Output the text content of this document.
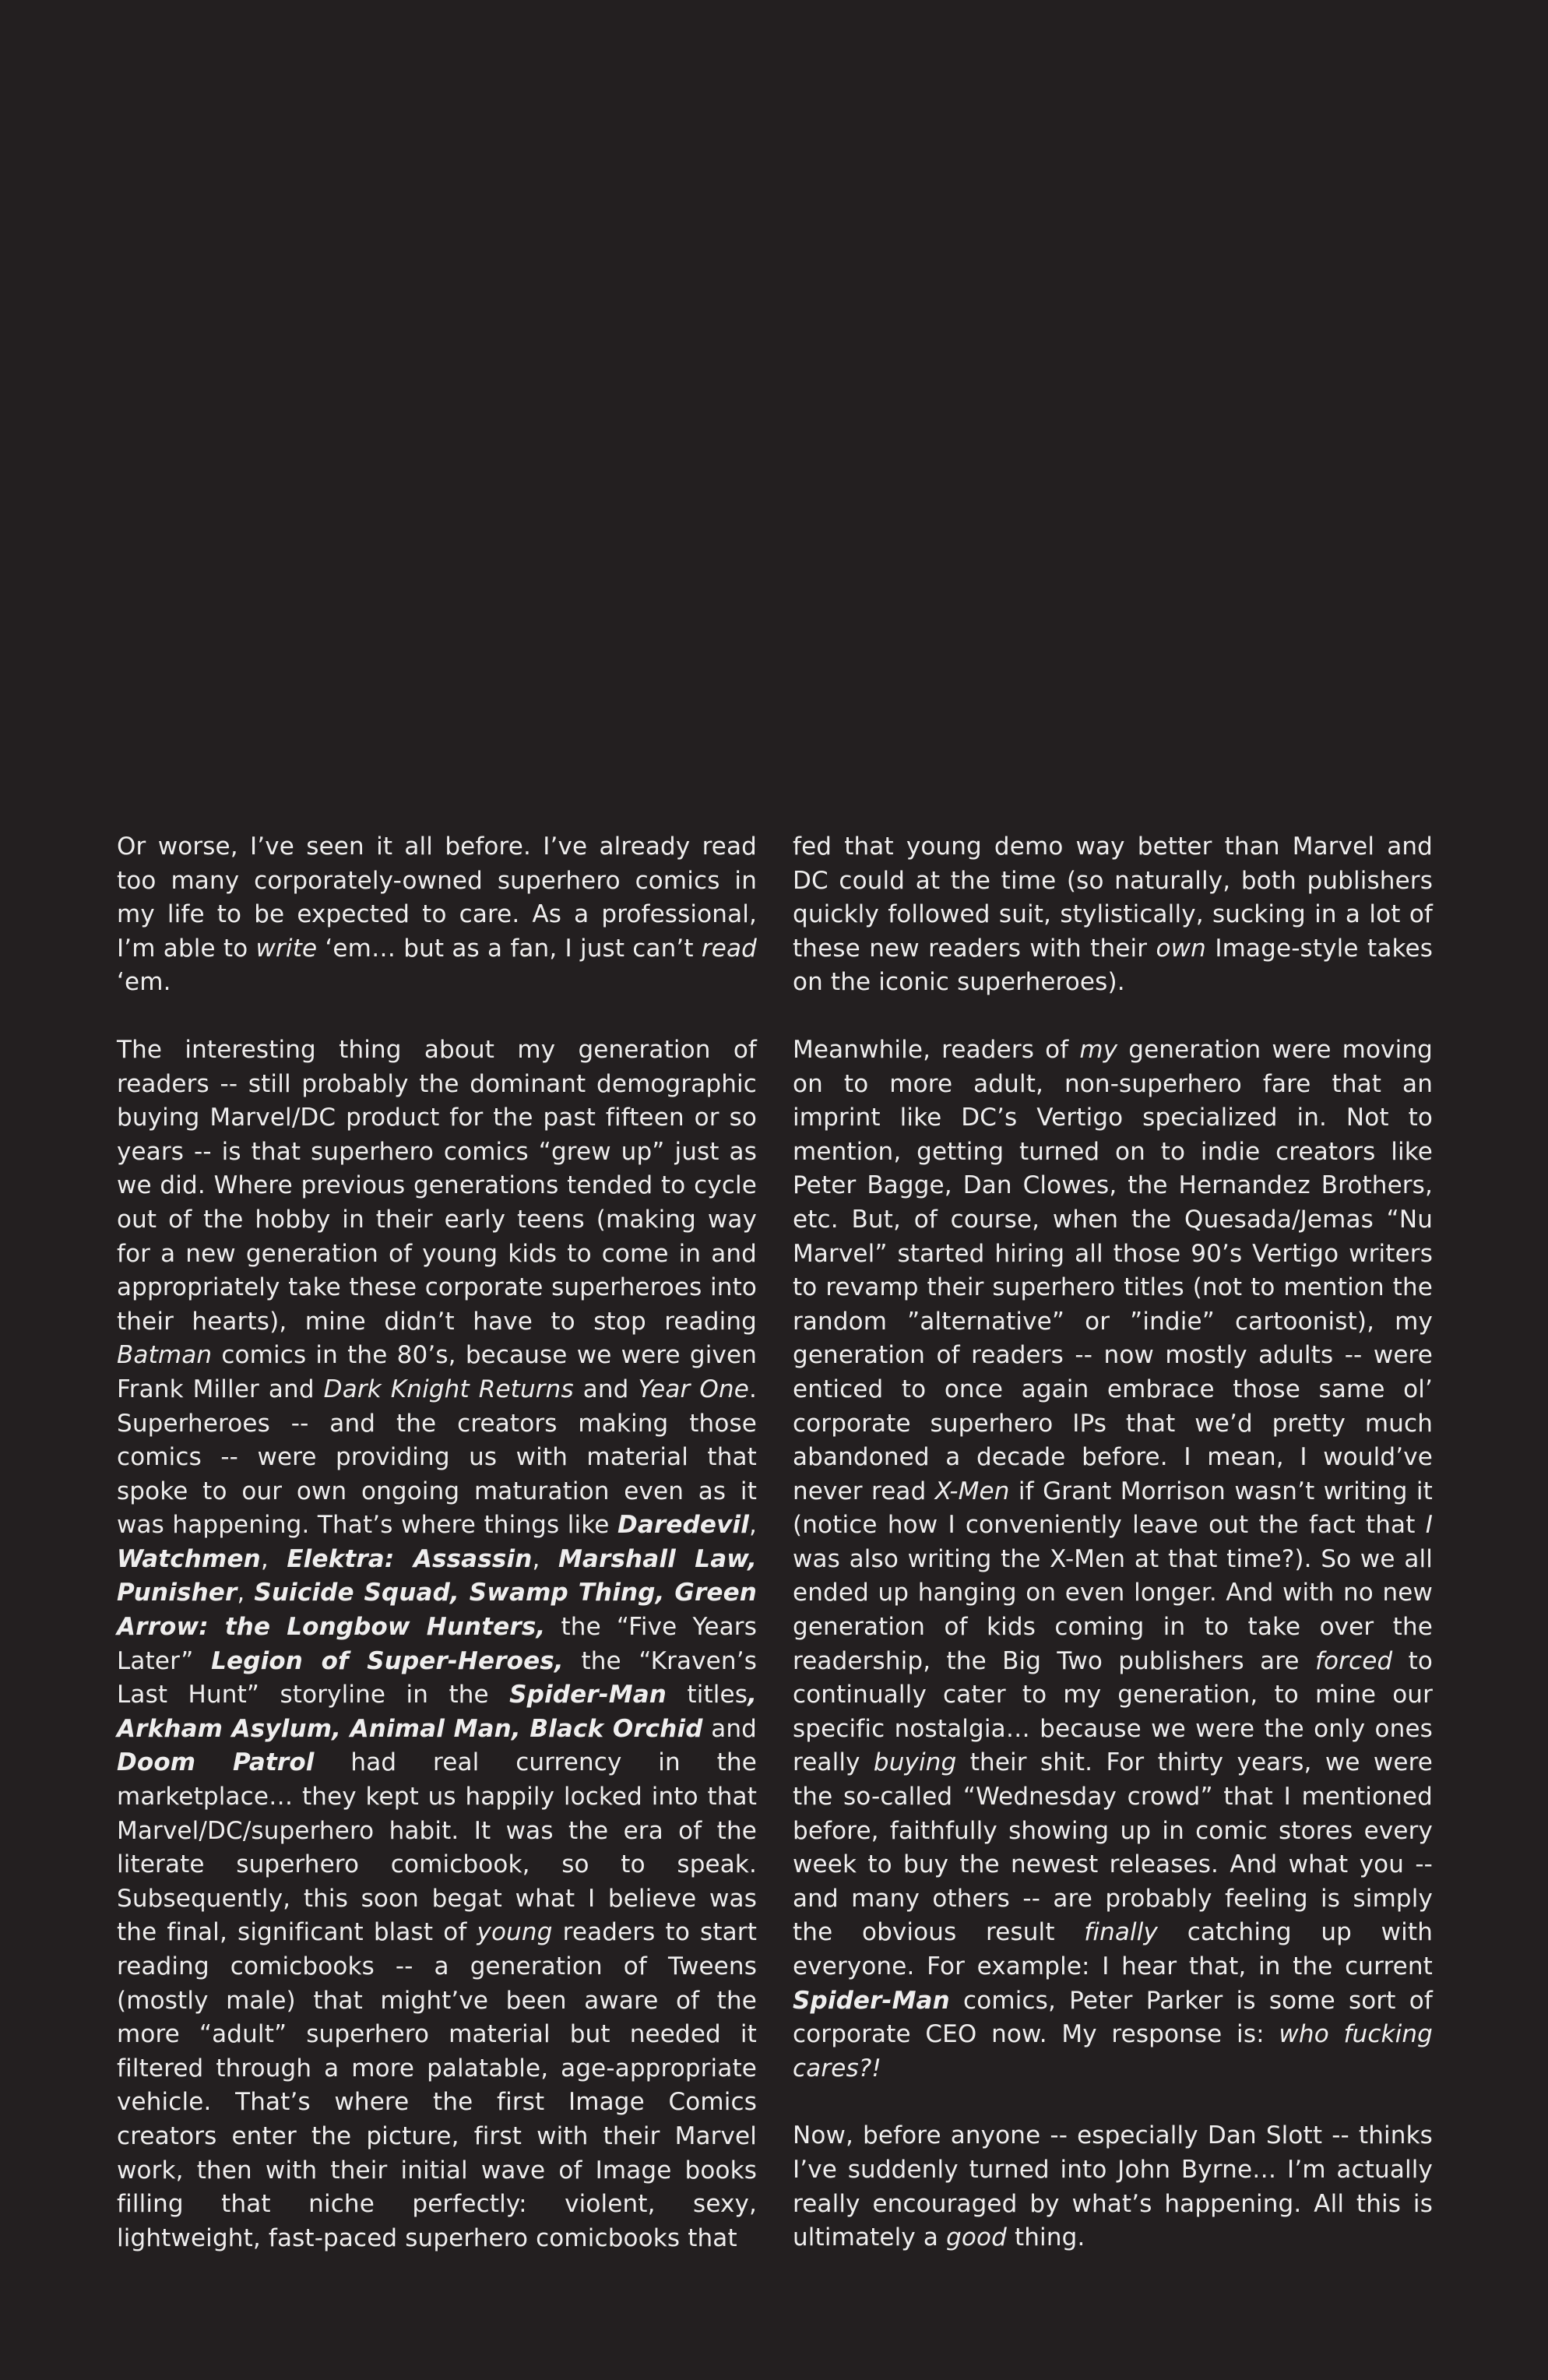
Or worse, I’ve seen it all before. I’ve already read too many corporately-owned superhero comics in my life to be expected to care. As a professional, I’m able to write ‘em… but as a fan, I just can’t read ‘em.

The interesting thing about my generation of readers -- still probably the dominant demographic buying Marvel/DC product for the past fifteen or so years -- is that superhero comics “grew up” just as we did. Where previous generations tended to cycle out of the hobby in their early teens (making way for a new generation of young kids to come in and appropriately take these corporate superheroes into their hearts), mine didn’t have to stop reading Batman comics in the 80’s, because we were given Frank Miller and Dark Knight Returns and Year One. Superheroes -- and the creators making those comics -- were providing us with material that spoke to our own ongoing maturation even as it was happening. That’s where things like Daredevil, Watchmen, Elektra: Assassin, Marshall Law, Punisher, Suicide Squad, Swamp Thing, Green Arrow: the Longbow Hunters, the “Five Years Later” Legion of Super-Heroes, the “Kraven’s Last Hunt” storyline in the Spider-Man titles, Arkham Asylum, Animal Man, Black Orchid and Doom Patrol had real currency in the marketplace… they kept us happily locked into that Marvel/DC/superhero habit. It was the era of the literate superhero comicbook, so to speak. Subsequently, this soon begat what I believe was the final, significant blast of young readers to start reading comicbooks -- a generation of Tweens (mostly male) that might’ve been aware of the more “adult” superhero material but needed it filtered through a more palatable, age-appropriate vehicle. That’s where the first Image Comics creators enter the picture, first with their Marvel work, then with their initial wave of Image books filling that niche perfectly: violent, sexy, lightweight, fast-paced superhero comicbooks that

fed that young demo way better than Marvel and DC could at the time (so naturally, both publishers quickly followed suit, stylistically, sucking in a lot of these new readers with their own Image-style takes on the iconic superheroes).

Meanwhile, readers of my generation were moving on to more adult, non-superhero fare that an imprint like DC’s Vertigo specialized in. Not to mention, getting turned on to indie creators like Peter Bagge, Dan Clowes, the Hernandez Brothers, etc. But, of course, when the Quesada/Jemas “Nu Marvel” started hiring all those 90’s Vertigo writers to revamp their superhero titles (not to mention the random ”alternative” or ”indie” cartoonist), my generation of readers -- now mostly adults -- were enticed to once again embrace those same ol’ corporate superhero IPs that we’d pretty much abandoned a decade before. I mean, I would’ve never read X-Men if Grant Morrison wasn’t writing it (notice how I conveniently leave out the fact that I was also writing the X-Men at that time?). So we all ended up hanging on even longer. And with no new generation of kids coming in to take over the readership, the Big Two publishers are forced to continually cater to my generation, to mine our specific nostalgia… because we were the only ones really buying their shit. For thirty years, we were the so-called “Wednesday crowd” that I mentioned before, faithfully showing up in comic stores every week to buy the newest releases. And what you -- and many others -- are probably feeling is simply the obvious result finally catching up with everyone. For example: I hear that, in the current Spider-Man comics, Peter Parker is some sort of corporate CEO now. My response is: who fucking cares?!

Now, before anyone -- especially Dan Slott -- thinks I’ve suddenly turned into John Byrne… I’m actually really encouraged by what’s happening. All this is ultimately a good thing.
